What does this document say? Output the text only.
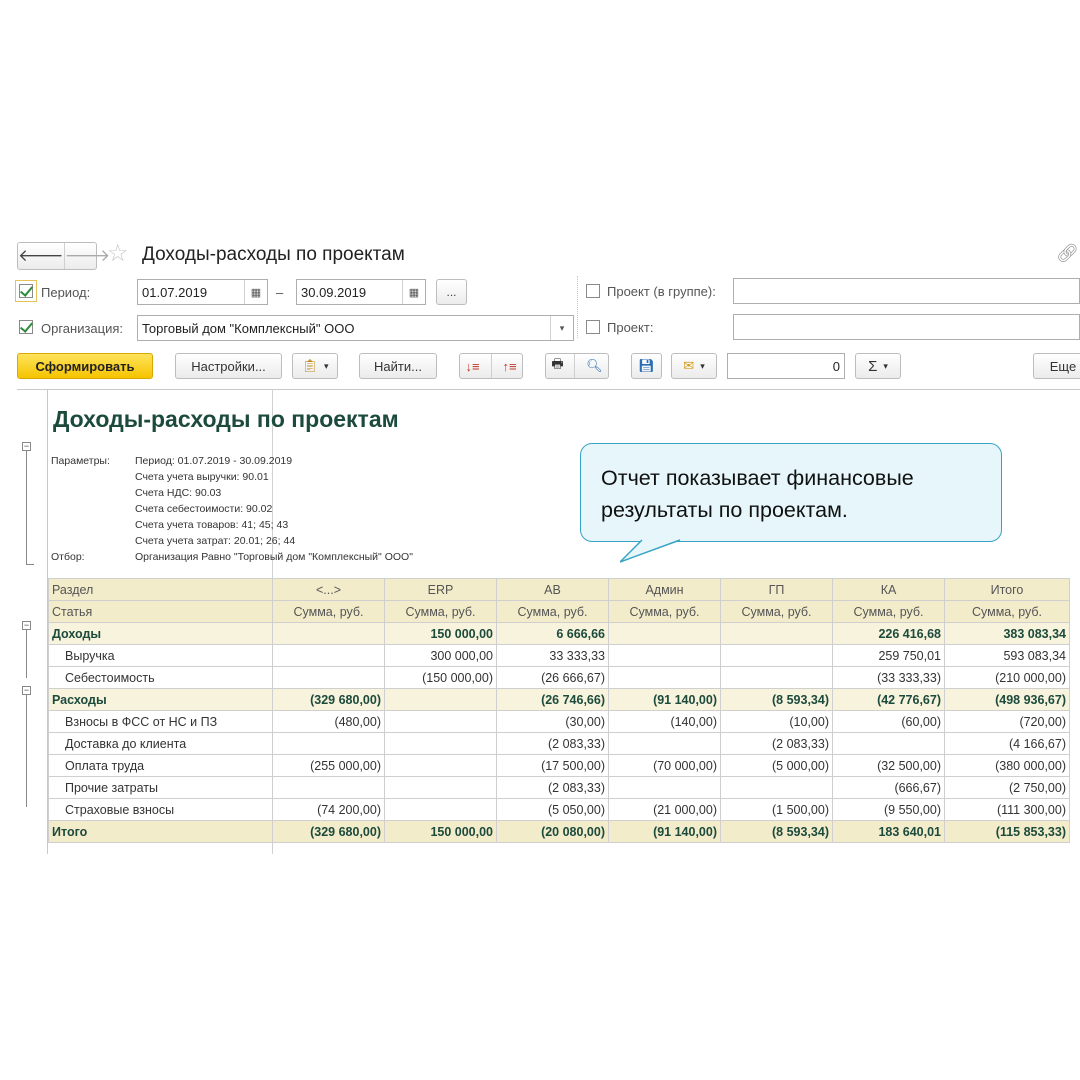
🡐 🡒
☆ Доходы-расходы по проектам	🔗︎
Период:	01.07.2019	▦	– 30.09.2019	▦	...	Проект (в группе):
Организация: Торговый дом "Комплексный" ООО	▾	Проект:
Сформировать	Настройки...	📋︎ ▾	Найти...	↓≡ ↑≡	🖶 🔍︎	💾︎ ✉ ▾	0 Σ ▾	Еще
−
−
−
Доходы-расходы по проектам
Параметры: Период: 01.07.2019 - 30.09.2019
Счета учета выручки: 90.01
Счета НДС: 90.03
Счета себестоимости: 90.02
Счета учета товаров: 41; 45; 43
Счета учета затрат: 20.01; 26; 44
Отбор:	Организация Равно "Торговый дом "Комплексный" ООО"
Раздел	<...>	ERP	AB	Админ	ГП	КА	Итого
Статья	Сумма, руб.	Сумма, руб.	Сумма, руб.	Сумма, руб.	Сумма, руб.	Сумма, руб.	Сумма, руб.
Доходы		150 000,00	6 666,66			226 416,68	383 083,34
Выручка		300 000,00	33 333,33			259 750,01	593 083,34
Себестоимость		(150 000,00)	(26 666,67)			(33 333,33)	(210 000,00)
Расходы	(329 680,00)		(26 746,66)	(91 140,00)	(8 593,34)	(42 776,67)	(498 936,67)
Взносы в ФСС от НС и ПЗ	(480,00)		(30,00)	(140,00)	(10,00)	(60,00)	(720,00)
Доставка до клиента			(2 083,33)		(2 083,33)		(4 166,67)
Оплата труда	(255 000,00)		(17 500,00)	(70 000,00)	(5 000,00)	(32 500,00)	(380 000,00)
Прочие затраты			(2 083,33)			(666,67)	(2 750,00)
Страховые взносы	(74 200,00)		(5 050,00)	(21 000,00)	(1 500,00)	(9 550,00)	(111 300,00)
Итого	(329 680,00)	150 000,00	(20 080,00)	(91 140,00)	(8 593,34)	183 640,01	(115 853,33)
Отчет показывает финансовые результаты по проектам.
